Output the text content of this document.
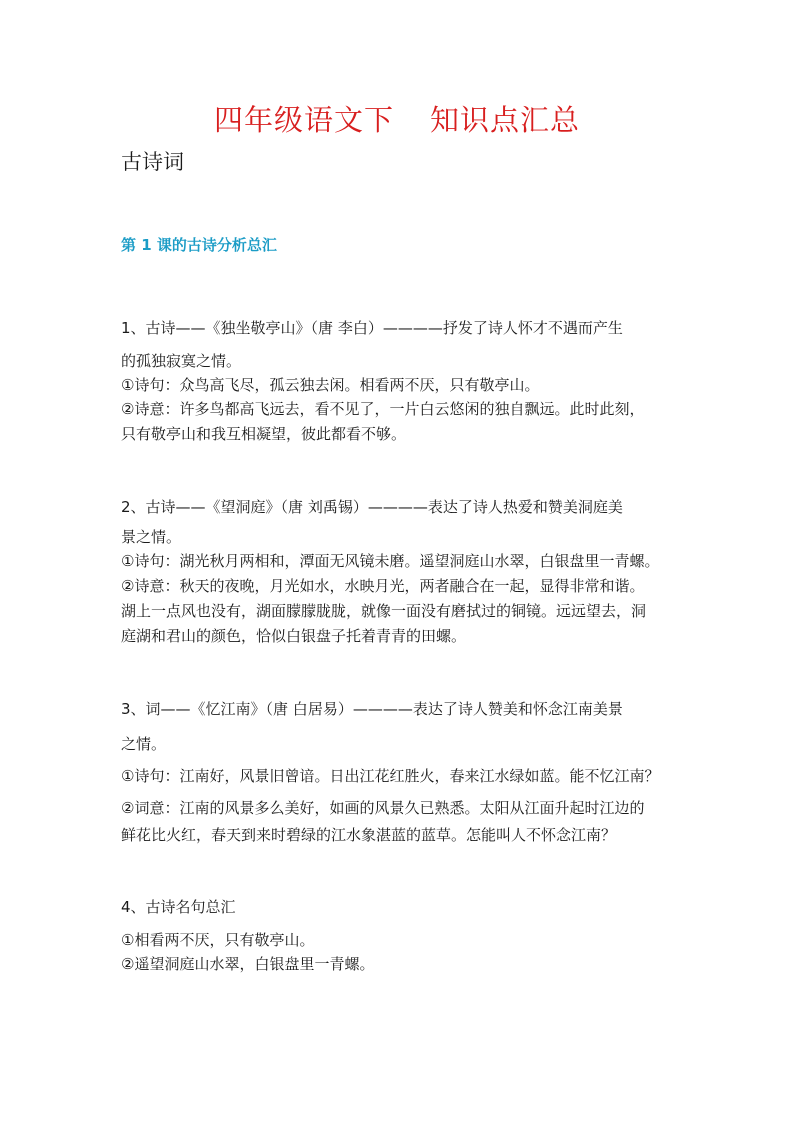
四年级语文下 知识点汇总
古诗词
第 1 课的古诗分析总汇
1、古诗——《独坐敬亭山》（唐 李白）————抒发了诗人怀才不遇而产生
的孤独寂寞之情。
①诗句：众鸟高飞尽，孤云独去闲。相看两不厌，只有敬亭山。
②诗意：许多鸟都高飞远去，看不见了，一片白云悠闲的独自飘远。此时此刻，
只有敬亭山和我互相凝望，彼此都看不够。
2、古诗——《望洞庭》（唐 刘禹锡）————表达了诗人热爱和赞美洞庭美
景之情。
①诗句：湖光秋月两相和，潭面无风镜未磨。遥望洞庭山水翠，白银盘里一青螺。
②诗意：秋天的夜晚，月光如水，水映月光，两者融合在一起，显得非常和谐。
湖上一点风也没有，湖面朦朦胧胧，就像一面没有磨拭过的铜镜。远远望去，洞
庭湖和君山的颜色，恰似白银盘子托着青青的田螺。
3、词——《忆江南》（唐 白居易）————表达了诗人赞美和怀念江南美景
之情。
①诗句：江南好，风景旧曾谙。日出江花红胜火，春来江水绿如蓝。能不忆江南？
②词意：江南的风景多么美好，如画的风景久已熟悉。太阳从江面升起时江边的
鲜花比火红，春天到来时碧绿的江水象湛蓝的蓝草。怎能叫人不怀念江南？
4、古诗名句总汇
①相看两不厌，只有敬亭山。
②遥望洞庭山水翠，白银盘里一青螺。
